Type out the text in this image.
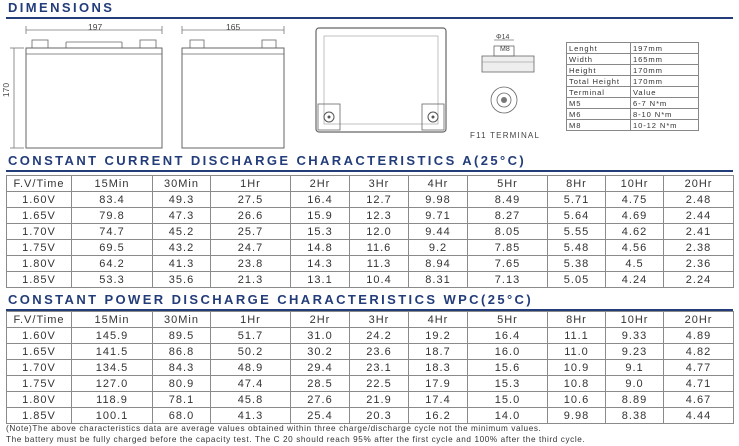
DIMENSIONS
197
170
165
Φ14
M8
F11 TERMINAL
Lenght	197mm
Width	165mm
Height	170mm
Total Height	170mm
Terminal	Value
M5	6-7 N*m
M6	8-10 N*m
M8	10-12 N*m
CONSTANT CURRENT DISCHARGE CHARACTERISTICS A(25°C)
F.V/Time	15Min	30Min	1Hr	2Hr	3Hr	4Hr	5Hr	8Hr	10Hr	20Hr
1.60V	83.4	49.3	27.5	16.4	12.7	9.98	8.49	5.71	4.75	2.48
1.65V	79.8	47.3	26.6	15.9	12.3	9.71	8.27	5.64	4.69	2.44
1.70V	74.7	45.2	25.7	15.3	12.0	9.44	8.05	5.55	4.62	2.41
1.75V	69.5	43.2	24.7	14.8	11.6	9.2	7.85	5.48	4.56	2.38
1.80V	64.2	41.3	23.8	14.3	11.3	8.94	7.65	5.38	4.5	2.36
1.85V	53.3	35.6	21.3	13.1	10.4	8.31	7.13	5.05	4.24	2.24
CONSTANT POWER DISCHARGE CHARACTERISTICS WPC(25°C)
F.V/Time	15Min	30Min	1Hr	2Hr	3Hr	4Hr	5Hr	8Hr	10Hr	20Hr
1.60V	145.9	89.5	51.7	31.0	24.2	19.2	16.4	11.1	9.33	4.89
1.65V	141.5	86.8	50.2	30.2	23.6	18.7	16.0	11.0	9.23	4.82
1.70V	134.5	84.3	48.9	29.4	23.1	18.3	15.6	10.9	9.1	4.77
1.75V	127.0	80.9	47.4	28.5	22.5	17.9	15.3	10.8	9.0	4.71
1.80V	118.9	78.1	45.8	27.6	21.9	17.4	15.0	10.6	8.89	4.67
1.85V	100.1	68.0	41.3	25.4	20.3	16.2	14.0	9.98	8.38	4.44
(Note)The above characteristics data are average values obtained within three charge/discharge cycle not the minimum values.
The battery must be fully charged before the capacity test. The C 20 should reach 95% after the first cycle and 100% after the third cycle.
